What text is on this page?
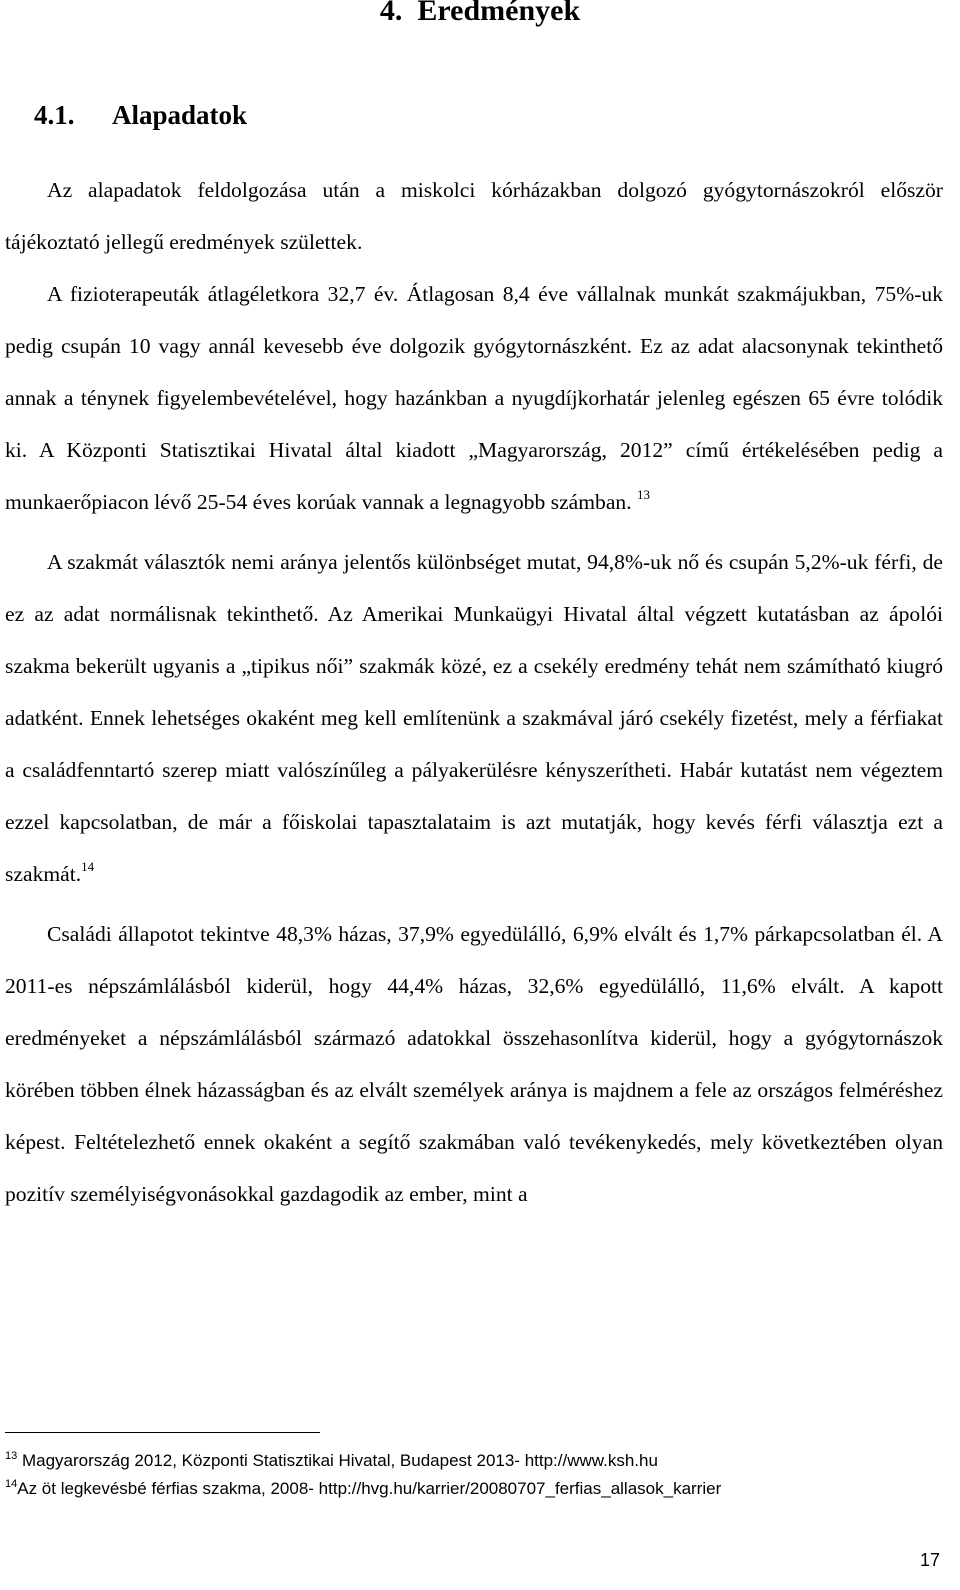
4.  Eredmények
4.1. Alapadatok

Az alapadatok feldolgozása után a miskolci kórházakban dolgozó gyógytornászokról először tájékoztató jellegű eredmények születtek.

A fizioterapeuták átlagéletkora 32,7 év. Átlagosan 8,4 éve vállalnak munkát szakmájukban, 75%-uk pedig csupán 10 vagy annál kevesebb éve dolgozik gyógytornászként. Ez az adat alacsonynak tekinthető annak a ténynek figyelembevételével, hogy hazánkban a nyugdíjkorhatár jelenleg egészen 65 évre tolódik ki. A Központi Statisztikai Hivatal által kiadott „Magyarország, 2012” című értékelésében pedig a munkaerőpiacon lévő 25-54 éves korúak vannak a legnagyobb számban. $^{13}$

A szakmát választók nemi aránya jelentős különbséget mutat, 94,8%-uk nő és csupán 5,2%-uk férfi, de ez az adat normálisnak tekinthető. Az Amerikai Munkaügyi Hivatal által végzett kutatásban az ápolói szakma bekerült ugyanis a „tipikus női” szakmák közé, ez a csekély eredmény tehát nem számítható kiugró adatként. Ennek lehetséges okaként meg kell említenünk a szakmával járó csekély fizetést, mely a férfiakat a családfenntartó szerep miatt valószínűleg a pályakerülésre kényszerítheti. Habár kutatást nem végeztem ezzel kapcsolatban, de már a főiskolai tapasztalataim is azt mutatják, hogy kevés férfi választja ezt a szakmát.$^{14}$

Családi állapotot tekintve 48,3% házas, 37,9% egyedülálló, 6,9% elvált és 1,7% párkapcsolatban él. A 2011-es népszámlálásból kiderül, hogy 44,4% házas, 32,6% egyedülálló, 11,6% elvált. A kapott eredményeket a népszámlálásból származó adatokkal összehasonlítva kiderül, hogy a gyógytornászok körében többen élnek házasságban és az elvált személyek aránya is majdnem a fele az országos felméréshez képest. Feltételezhető ennek okaként a segítő szakmában való tevékenykedés, mely következtében olyan pozitív személyiségvonásokkal gazdagodik az ember, mint a

$^{13}$ Magyarország 2012, Központi Statisztikai Hivatal, Budapest 2013- http://www.ksh.hu
$^{14}$Az öt legkevésbé férfias szakma, 2008- http://hvg.hu/karrier/20080707_ferfias_allasok_karrier
17
